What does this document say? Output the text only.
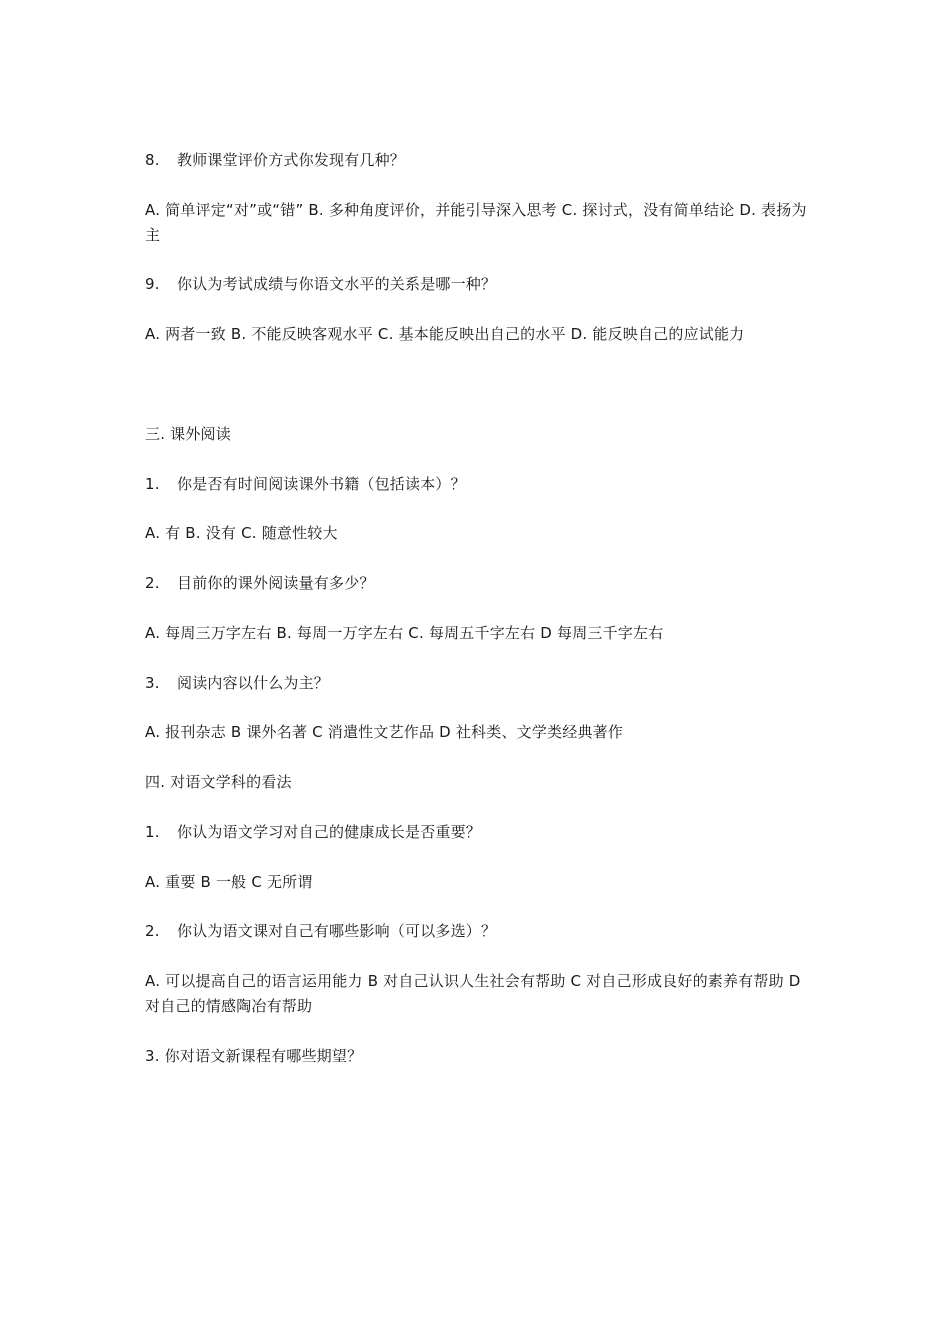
8. 教师课堂评价方式你发现有几种？
A. 简单评定“对”或“错” B. 多种角度评价，并能引导深入思考 C. 探讨式，没有简单结论 D. 表扬为主
9. 你认为考试成绩与你语文水平的关系是哪一种？
A. 两者一致 B. 不能反映客观水平 C. 基本能反映出自己的水平 D. 能反映自己的应试能力
三. 课外阅读
1. 你是否有时间阅读课外书籍（包括读本）？
A. 有 B. 没有 C. 随意性较大
2. 目前你的课外阅读量有多少？
A. 每周三万字左右 B. 每周一万字左右 C. 每周五千字左右 D 每周三千字左右
3. 阅读内容以什么为主？
A. 报刊杂志 B 课外名著 C 消遣性文艺作品 D 社科类、文学类经典著作
四. 对语文学科的看法
1. 你认为语文学习对自己的健康成长是否重要？
A. 重要 B 一般 C 无所谓
2. 你认为语文课对自己有哪些影响（可以多选）？
A. 可以提高自己的语言运用能力 B 对自己认识人生社会有帮助 C 对自己形成良好的素养有帮助 D 对自己的情感陶冶有帮助
3. 你对语文新课程有哪些期望？
